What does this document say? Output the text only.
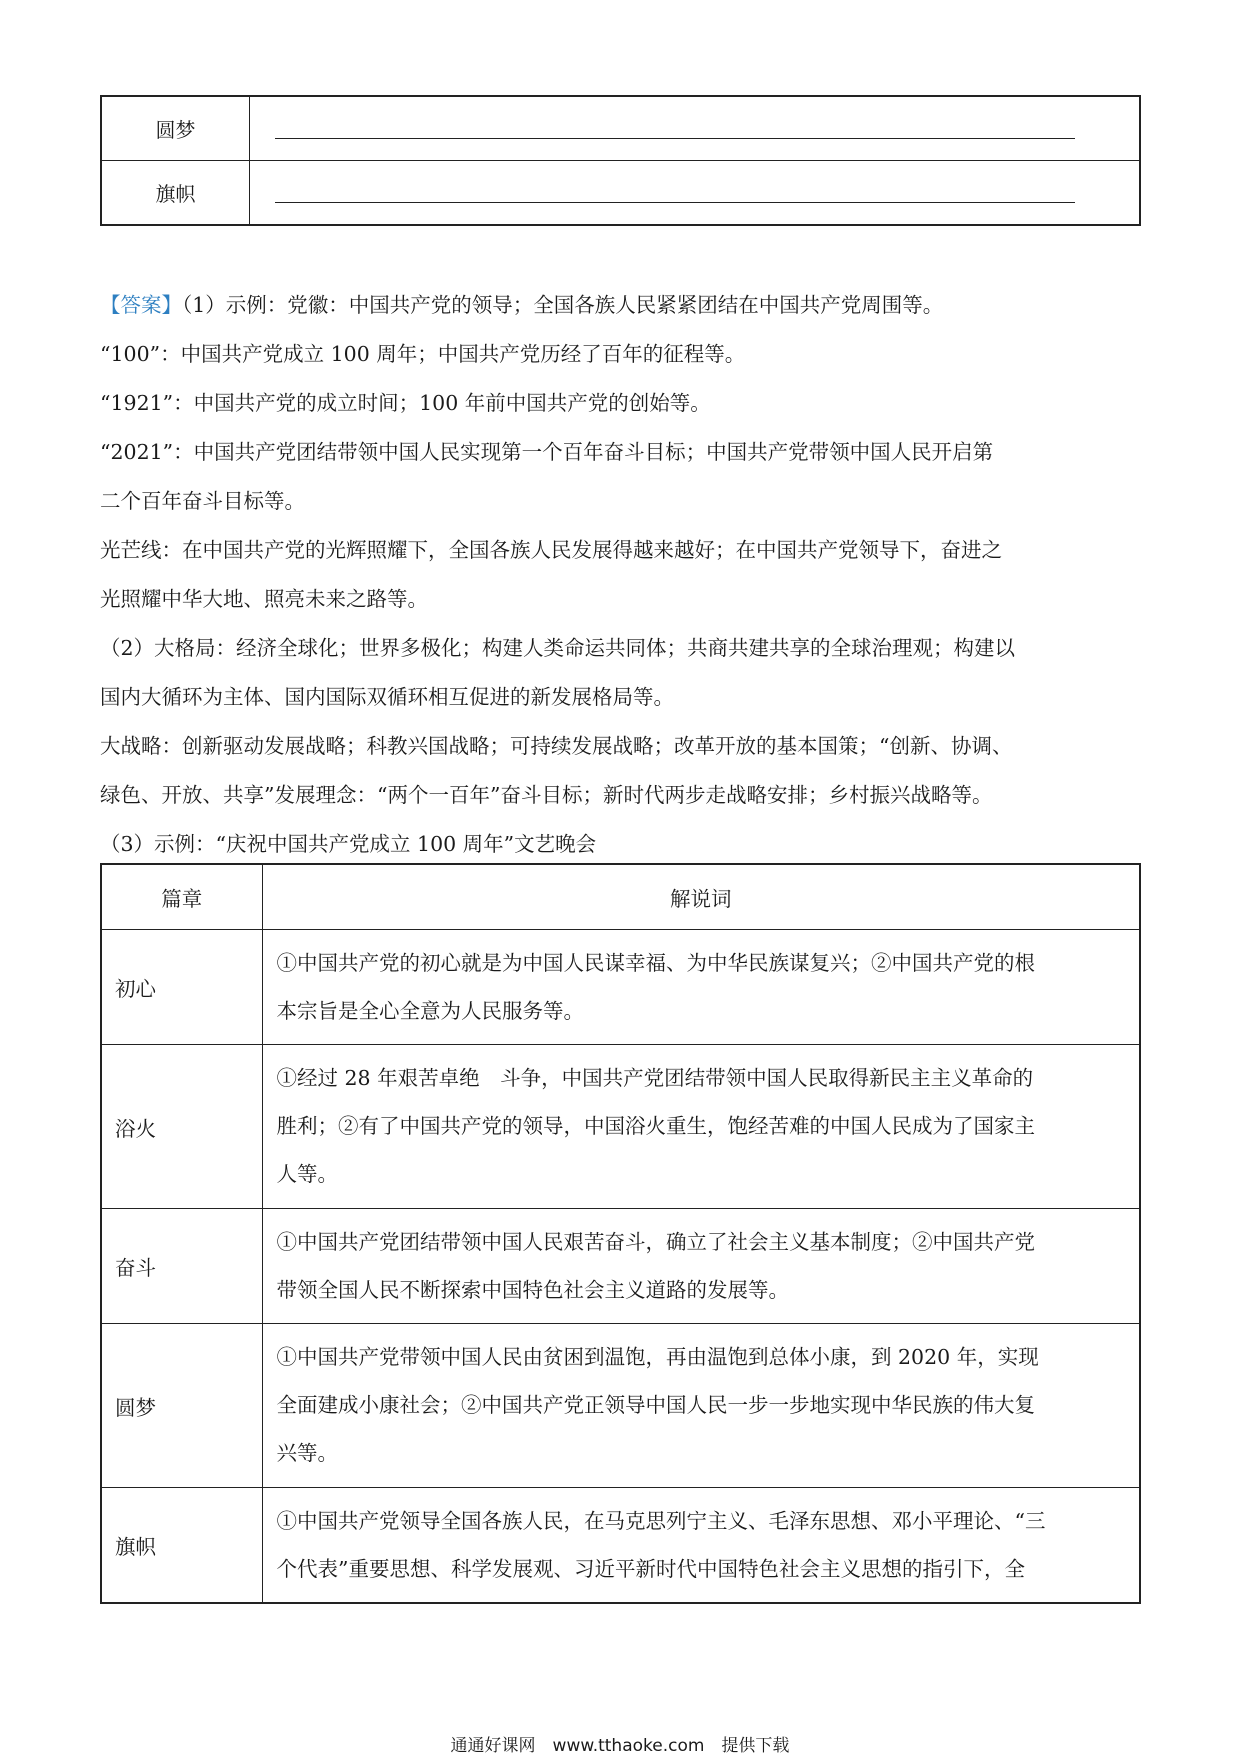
圆梦	

旗帜	

【答案】（1）示例：党徽：中国共产党的领导；全国各族人民紧紧团结在中国共产党周围等。

“100”：中国共产党成立 100 周年；中国共产党历经了百年的征程等。

“1921”：中国共产党的成立时间；100 年前中国共产党的创始等。

“2021”：中国共产党团结带领中国人民实现第一个百年奋斗目标；中国共产党带领中国人民开启第

二个百年奋斗目标等。

光芒线：在中国共产党的光辉照耀下，全国各族人民发展得越来越好；在中国共产党领导下，奋进之

光照耀中华大地、照亮未来之路等。

（2）大格局：经济全球化；世界多极化；构建人类命运共同体；共商共建共享的全球治理观；构建以

国内大循环为主体、国内国际双循环相互促进的新发展格局等。

大战略：创新驱动发展战略；科教兴国战略；可持续发展战略；改革开放的基本国策；“创新、协调、

绿色、开放、共享”发展理念：“两个一百年”奋斗目标；新时代两步走战略安排；乡村振兴战略等。

（3）示例：“庆祝中国共产党成立 100 周年”文艺晚会

篇章	解说词
初心	①中国共产党的初心就是为中国人民谋幸福、为中华民族谋复兴；②中国共产党的根
本宗旨是全心全意为人民服务等。

浴火	①经过 28 年艰苦卓绝　斗争，中国共产党团结带领中国人民取得新民主主义革命的
胜利；②有了中国共产党的领导，中国浴火重生，饱经苦难的中国人民成为了国家主
人等。

奋斗	①中国共产党团结带领中国人民艰苦奋斗，确立了社会主义基本制度；②中国共产党
带领全国人民不断探索中国特色社会主义道路的发展等。

圆梦	①中国共产党带领中国人民由贫困到温饱，再由温饱到总体小康，到 2020 年，实现
全面建成小康社会；②中国共产党正领导中国人民一步一步地实现中华民族的伟大复
兴等。

旗帜	①中国共产党领导全国各族人民，在马克思列宁主义、毛泽东思想、邓小平理论、“三
个代表”重要思想、科学发展观、习近平新时代中国特色社会主义思想的指引下，全
通通好课网　www.tthaoke.com　提供下载
